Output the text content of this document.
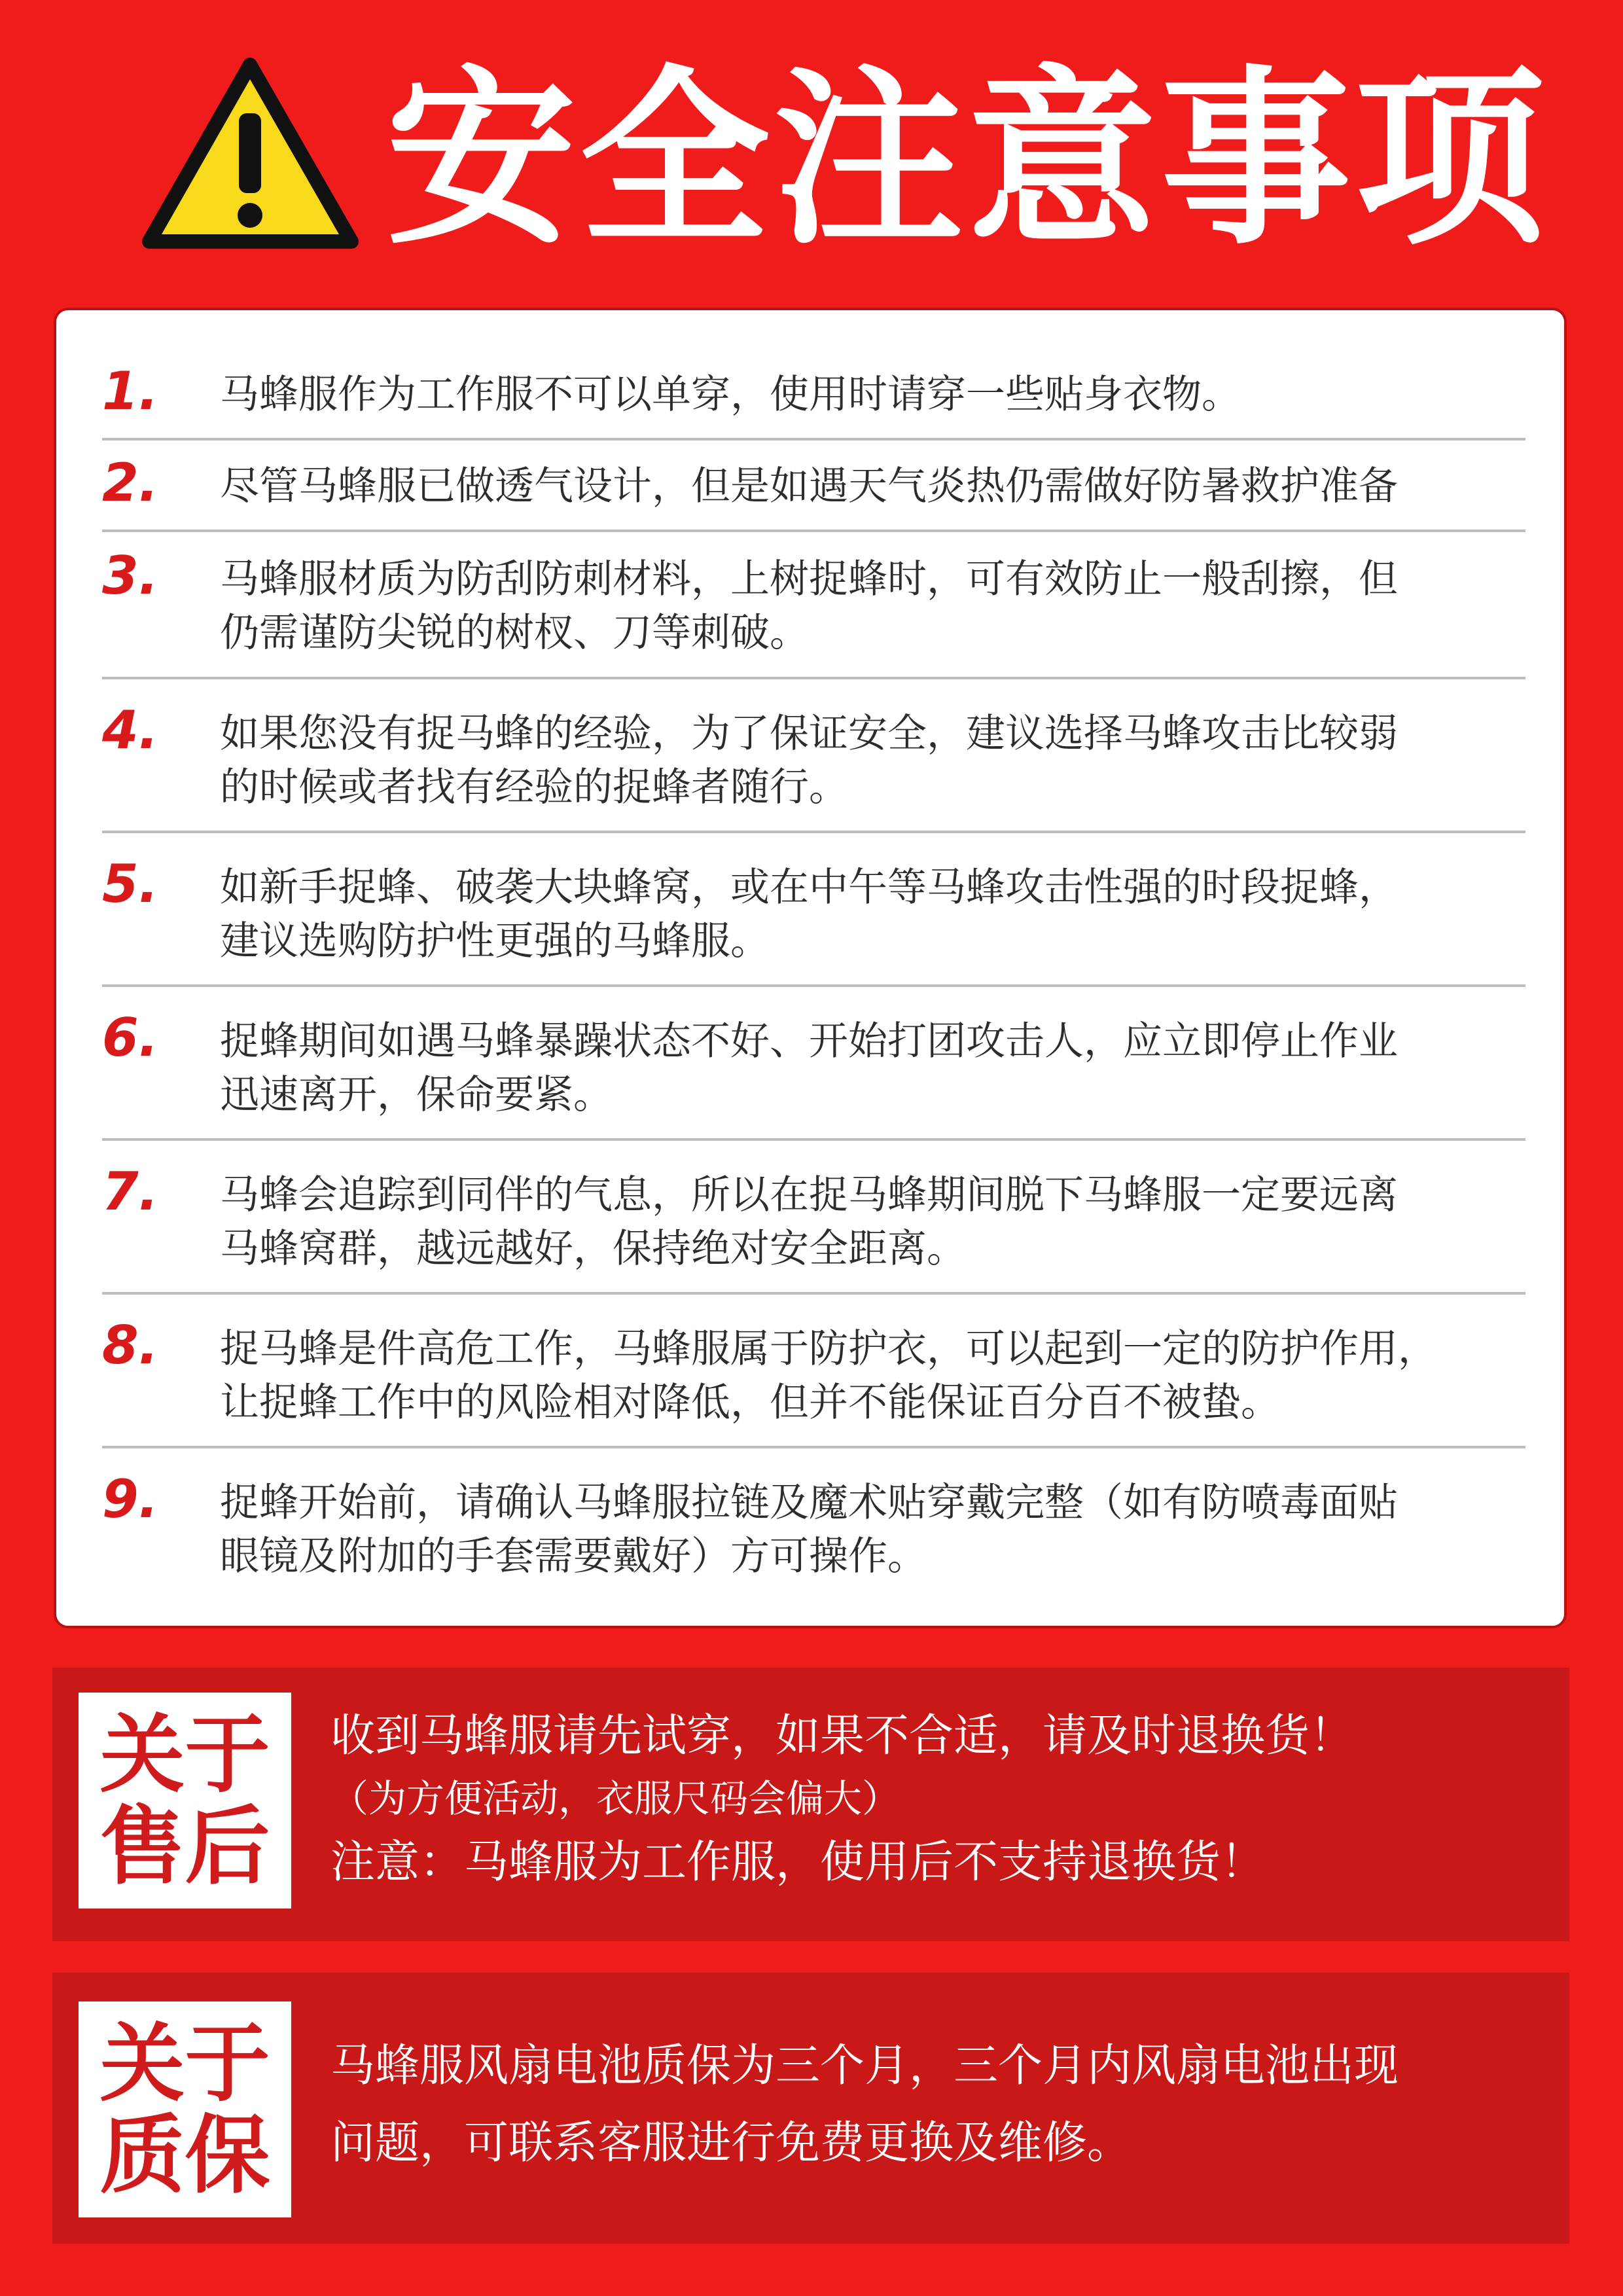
安全注意事项
1.	马蜂服作为工作服不可以单穿，使用时请穿一些贴身衣物。
2.	尽管马蜂服已做透气设计，但是如遇天气炎热仍需做好防暑救护准备
3.	马蜂服材质为防刮防刺材料，上树捉蜂时，可有效防止一般刮擦，但
仍需谨防尖锐的树杈、刀等刺破。
4.	如果您没有捉马蜂的经验，为了保证安全，建议选择马蜂攻击比较弱
的时候或者找有经验的捉蜂者随行。
5.	如新手捉蜂、破袭大块蜂窝，或在中午等马蜂攻击性强的时段捉蜂，
建议选购防护性更强的马蜂服。
6.	捉蜂期间如遇马蜂暴躁状态不好、开始打团攻击人，应立即停止作业
迅速离开，保命要紧。
7.	马蜂会追踪到同伴的气息，所以在捉马蜂期间脱下马蜂服一定要远离
马蜂窝群，越远越好，保持绝对安全距离。
8.	捉马蜂是件高危工作，马蜂服属于防护衣，可以起到一定的防护作用，
让捉蜂工作中的风险相对降低，但并不能保证百分百不被蛰。
9.	捉蜂开始前，请确认马蜂服拉链及魔术贴穿戴完整（如有防喷毒面贴
眼镜及附加的手套需要戴好）方可操作。
关于
售后
收到马蜂服请先试穿，如果不合适，请及时退换货！
（为方便活动，衣服尺码会偏大）
注意：马蜂服为工作服，使用后不支持退换货！
关于
质保
马蜂服风扇电池质保为三个月，三个月内风扇电池出现
问题，可联系客服进行免费更换及维修。
